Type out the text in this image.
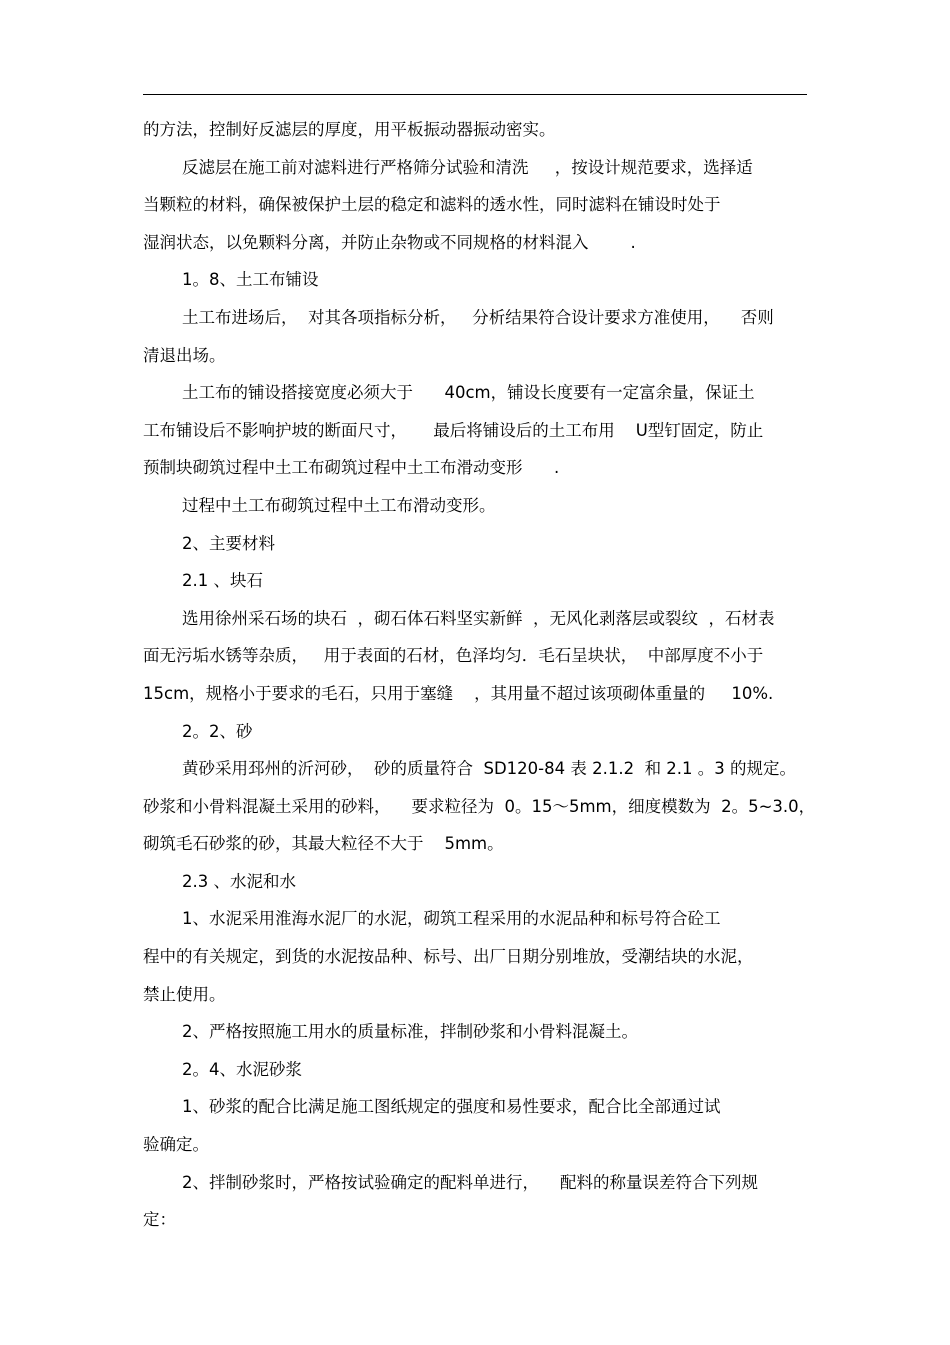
的方法，控制好反滤层的厚度，用平板振动器振动密实。
反滤层在施工前对滤料进行严格筛分试验和清洗     ，按设计规范要求，选择适
当颗粒的材料，确保被保护土层的稳定和滤料的透水性，同时滤料在铺设时处于
湿润状态，以免颗料分离，并防止杂物或不同规格的材料混入        .
1。8、土工布铺设
土工布进场后，  对其各项指标分析，   分析结果符合设计要求方准使用，    否则
清退出场。
土工布的铺设搭接宽度必须大于      40cm，铺设长度要有一定富余量，保证土
工布铺设后不影响护坡的断面尺寸，     最后将铺设后的土工布用    U型钉固定，防止
预制块砌筑过程中土工布砌筑过程中土工布滑动变形      .
过程中土工布砌筑过程中土工布滑动变形。
2、主要材料
2.1 、块石
选用徐州采石场的块石  ，砌石体石料坚实新鲜  ，无风化剥落层或裂纹  ，石材表
面无污垢水锈等杂质，   用于表面的石材，色泽均匀．毛石呈块状，  中部厚度不小于
15cm，规格小于要求的毛石，只用于塞缝    ，其用量不超过该项砌体重量的     10%.
2。2、砂
黄砂采用邳州的沂河砂，  砂的质量符合  SD120-84 表 2.1.2  和 2.1 。3 的规定。
砂浆和小骨料混凝土采用的砂料，    要求粒径为  0。15～5mm，细度模数为  2。5~3.0，
砌筑毛石砂浆的砂，其最大粒径不大于    5mm。
2.3 、水泥和水
1、水泥采用淮海水泥厂的水泥，砌筑工程采用的水泥品种和标号符合砼工
程中的有关规定，到货的水泥按品种、标号、出厂日期分别堆放，受潮结块的水泥，
禁止使用。
2、严格按照施工用水的质量标准，拌制砂浆和小骨料混凝土。
2。4、水泥砂浆
1、砂浆的配合比满足施工图纸规定的强度和易性要求，配合比全部通过试
验确定。
2、拌制砂浆时，严格按试验确定的配料单进行，    配料的称量误差符合下列规
定：
